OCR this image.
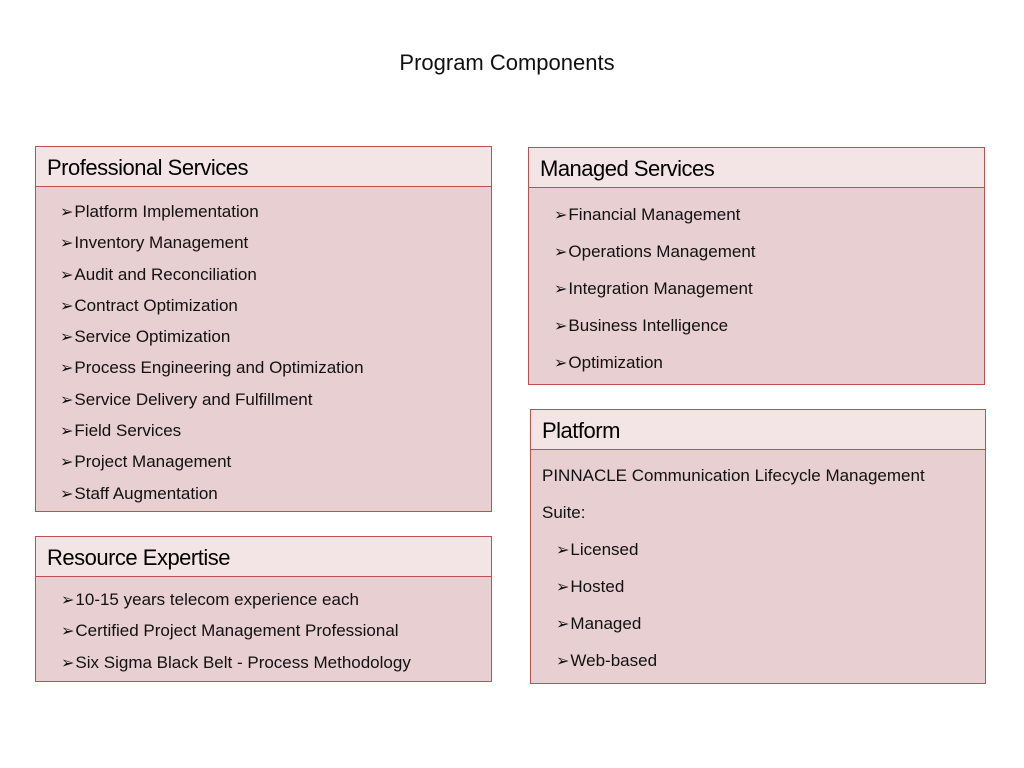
Program Components
Professional Services
➢Platform Implementation
➢Inventory Management
➢Audit and Reconciliation
➢Contract Optimization
➢Service Optimization
➢Process Engineering and Optimization
➢Service Delivery and Fulfillment
➢Field Services
➢Project Management
➢Staff Augmentation
Managed Services
➢Financial Management
➢Operations Management
➢Integration Management
➢Business Intelligence
➢Optimization
Resource Expertise
➢10-15 years telecom experience each
➢Certified Project Management Professional
➢Six Sigma Black Belt - Process Methodology
Platform
PINNACLE Communication Lifecycle Management
Suite:
➢Licensed
➢Hosted
➢Managed
➢Web-based
